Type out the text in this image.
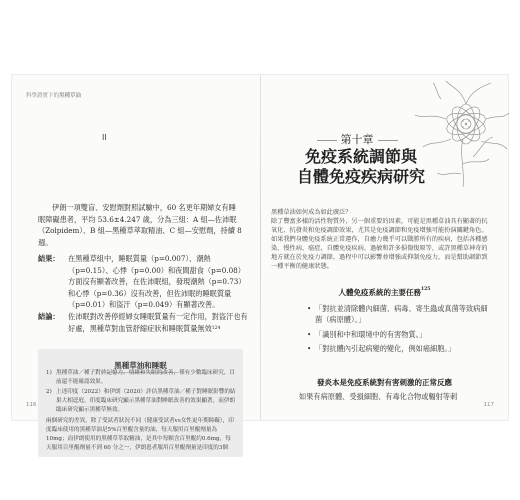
科學證實下的黑種草油
II
伊朗一項雙盲、安慰劑對照試驗中，60 名更年期婦女有睡眠障礙患者，平均 53.6±4.247 歲，分為三組：A 組—佐沛眠（Zolpidem）、B 組—黑種草萃取精油、C 組—安慰劑，持續 8 週。
結果：	在黑種草組中，睡眠質量（p=0.007）、潮熱（p=0.15）、心悸（p=0.00）和夜間甜食（p=0.08）方面沒有顯著改善，在佐沛眠組，發現潮熱（p=0.73）和心悸（p=0.36）沒有改善，但佐沛眠的睡眠質量（p=0.01）和盜汗（p=0.049）有顯著改善。
結論：	佐沛眠對改善停經婦女睡眠質量有一定作用，對盜汗也有好處，黑種草對血管舒縮症狀和睡眠質量無效$^{124}$
黑種草油和睡眠
1) 黑種草油／種子對於記憶力、情緒和失眠的改善，僅有少數臨床研究，目前還不能確認效果。
2) 上述印度（2022）和伊朗（2020）評估黑種草油／種子對睡眠影響的結果大相逕庭，印度臨床研究顯示黑種草油對睡眠改善的效果顯著，而伊朗臨床研究顯示黑種草無效。
兩個研究的差異，除了受試者狀況不同（健康受試者vs女性更年期障礙），印度臨床使用的黑種草油是5%百里醌含量的油，每天服用百里醌劑量為10mg；而伊朗使用的黑種草萃取精油，是其中每顆含百里醌約0.6mg，每天服用百里醌劑量不到 60 分之一，伊朗患者服用百里醌劑量是印度的3個
116
第十章
免疫系統調節與
自體免疫疾病研究

黑種草油如何成為如此廣泛？

除了豐富多樣的活性物質外，另一個重要的因素，可能是黑種草油具有顯著的抗氧化、抗發炎和免疫調節效果，尤其是免疫調節和免疫增強可能扮演關鍵角色。

如果我們身體免疫系統正常運作，自癒力幾乎可以戰勝所有的疾病，包括各種感染、慢性病、癌症，自體免疫疾病、過敏和許多損傷復原等，或許黑種草神奇的地方就在於免疫力調節，過程中可以影響並增強或抑制免疫力，而是幫助調節到一種平衡的健康狀態。

人體免疫系統的主要任務$^{125}$
• 「對抗並清除體內細菌、病毒、寄生蟲或真菌等致病細菌（病原體）。」
• 「識別和中和環境中的有害物質。」
• 「對抗體內引起病變的變化，例如癌細胞。」
發炎本是免疫系統對有害刺激的正常反應
如果有病原體、受損細胞、有毒化合物或輻射等刺
117
